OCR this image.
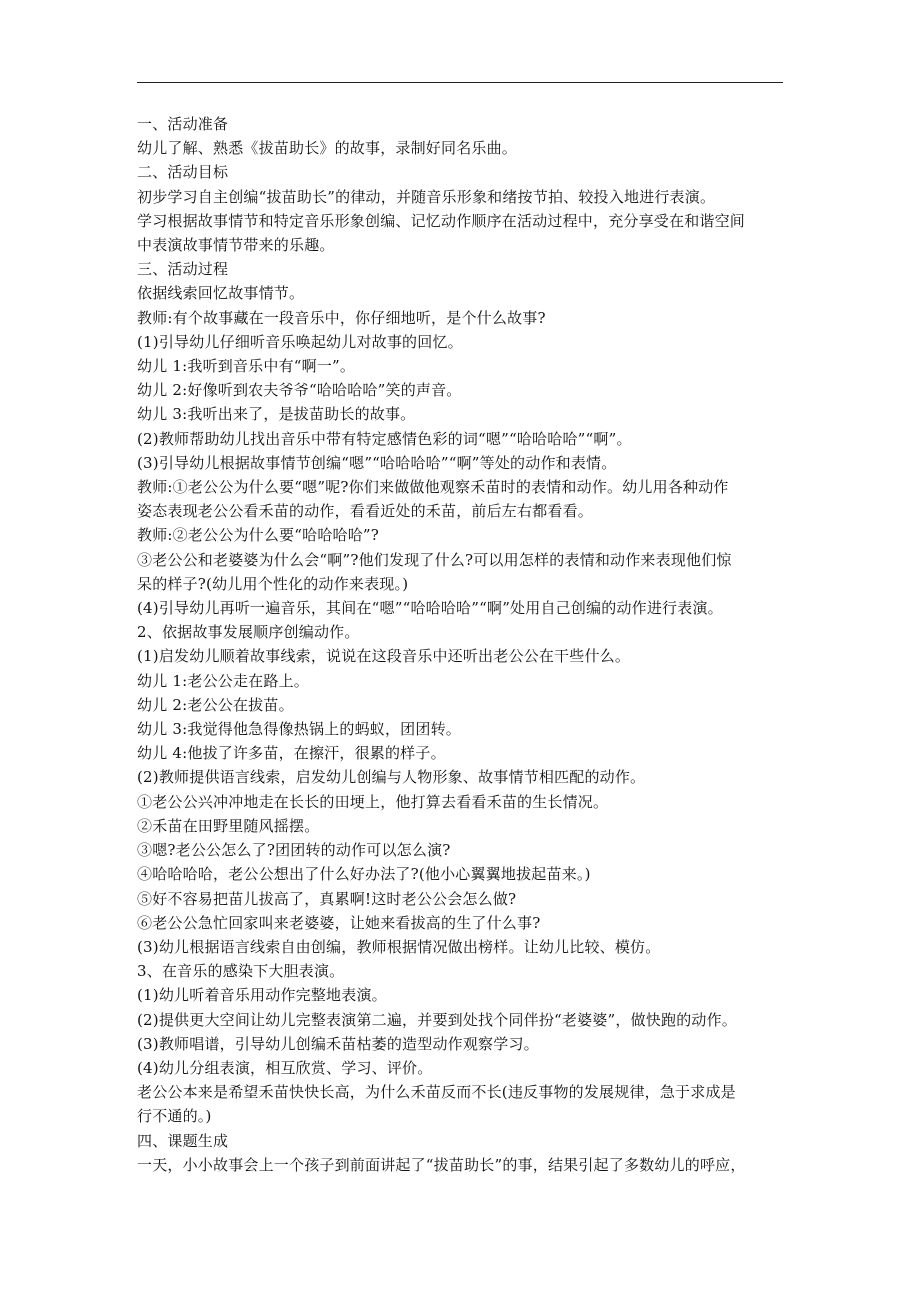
一、活动准备

幼儿了解、熟悉《拔苗助长》的故事，录制好同名乐曲。

二、活动目标

初步学习自主创编“拔苗助长”的律动，并随音乐形象和绪按节拍、较投入地进行表演。

学习根据故事情节和特定音乐形象创编、记忆动作顺序在活动过程中，充分享受在和谐空间

中表演故事情节带来的乐趣。

三、活动过程

依据线索回忆故事情节。

教师:有个故事藏在一段音乐中，你仔细地听，是个什么故事?

(1)引导幼儿仔细听音乐唤起幼儿对故事的回忆。

幼儿 1:我听到音乐中有“啊一”。

幼儿 2:好像听到农夫爷爷“哈哈哈哈”笑的声音。

幼儿 3:我听出来了，是拔苗助长的故事。

(2)教师帮助幼儿找出音乐中带有特定感情色彩的词“嗯”“哈哈哈哈”“啊”。

(3)引导幼儿根据故事情节创编“嗯”“哈哈哈哈”“啊”等处的动作和表情。

教师:①老公公为什么要“嗯”呢?你们来做做他观察禾苗时的表情和动作。幼儿用各种动作

姿态表现老公公看禾苗的动作，看看近处的禾苗，前后左右都看看。

教师:②老公公为什么要“哈哈哈哈”?

③老公公和老婆婆为什么会“啊”?他们发现了什么?可以用怎样的表情和动作来表现他们惊

呆的样子?(幼儿用个性化的动作来表现。)

(4)引导幼儿再听一遍音乐，其间在“嗯”“哈哈哈哈”“啊”处用自己创编的动作进行表演。

2、依据故事发展顺序创编动作。

(1)启发幼儿顺着故事线索，说说在这段音乐中还听出老公公在干些什么。

幼儿 1:老公公走在路上。

幼儿 2:老公公在拔苗。

幼儿 3:我觉得他急得像热锅上的蚂蚁，团团转。

幼儿 4:他拔了许多苗，在擦汗，很累的样子。

(2)教师提供语言线索，启发幼儿创编与人物形象、故事情节相匹配的动作。

①老公公兴冲冲地走在长长的田埂上，他打算去看看禾苗的生长情况。

②禾苗在田野里随风摇摆。

③嗯?老公公怎么了?团团转的动作可以怎么演?

④哈哈哈哈，老公公想出了什么好办法了?(他小心翼翼地拔起苗来。)

⑤好不容易把苗儿拔高了，真累啊!这时老公公会怎么做?

⑥老公公急忙回家叫来老婆婆，让她来看拔高的生了什么事?

(3)幼儿根据语言线索自由创编，教师根据情况做出榜样。让幼儿比较、模仿。

3、在音乐的感染下大胆表演。

(1)幼儿听着音乐用动作完整地表演。

(2)提供更大空间让幼儿完整表演第二遍，并要到处找个同伴扮“老婆婆”，做快跑的动作。

(3)教师唱谱，引导幼儿创编禾苗枯萎的造型动作观察学习。

(4)幼儿分组表演，相互欣赏、学习、评价。

老公公本来是希望禾苗快快长高，为什么禾苗反而不长(违反事物的发展规律，急于求成是

行不通的。)

四、课题生成

一天，小小故事会上一个孩子到前面讲起了“拔苗助长”的事，结果引起了多数幼儿的呼应，
